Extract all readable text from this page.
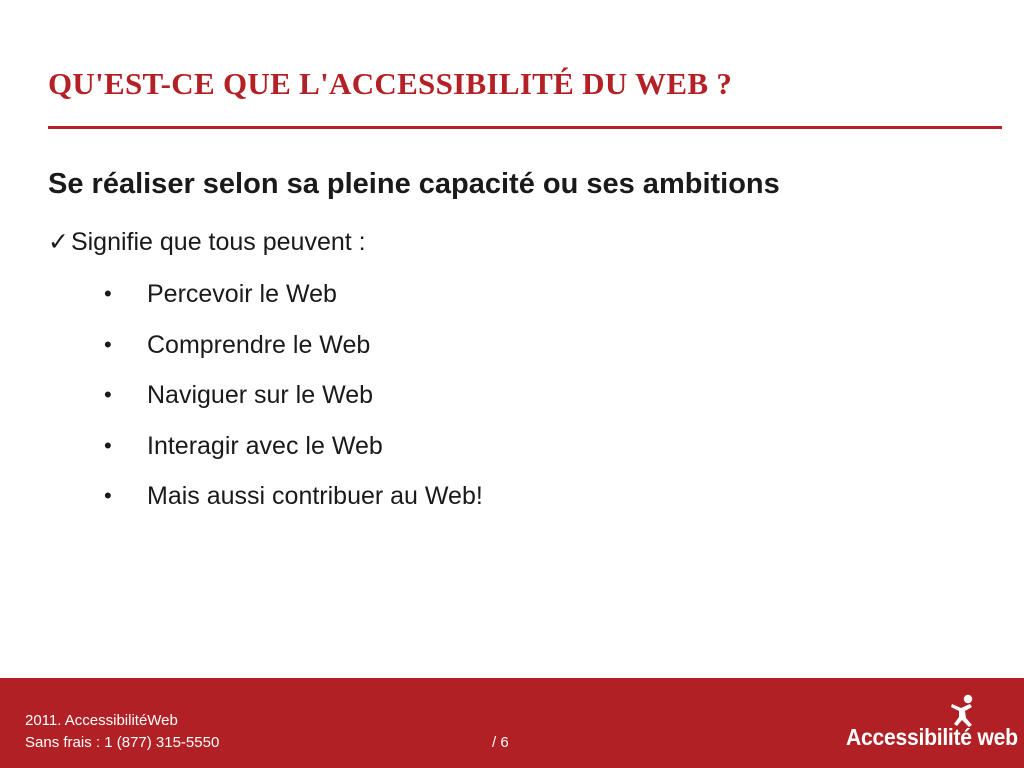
QU'EST-CE QUE L'ACCESSIBILITÉ DU WEB ?
Se réaliser selon sa pleine capacité ou ses ambitions
✓Signifie que tous peuvent :
•	Percevoir le Web
•	Comprendre le Web
•	Naviguer sur le Web
•	Interagir avec le Web
•	Mais aussi contribuer au Web!
2011. AccessibilitéWeb
Sans frais : 1 (877) 315-5550	/ 6	Accessibilité web
